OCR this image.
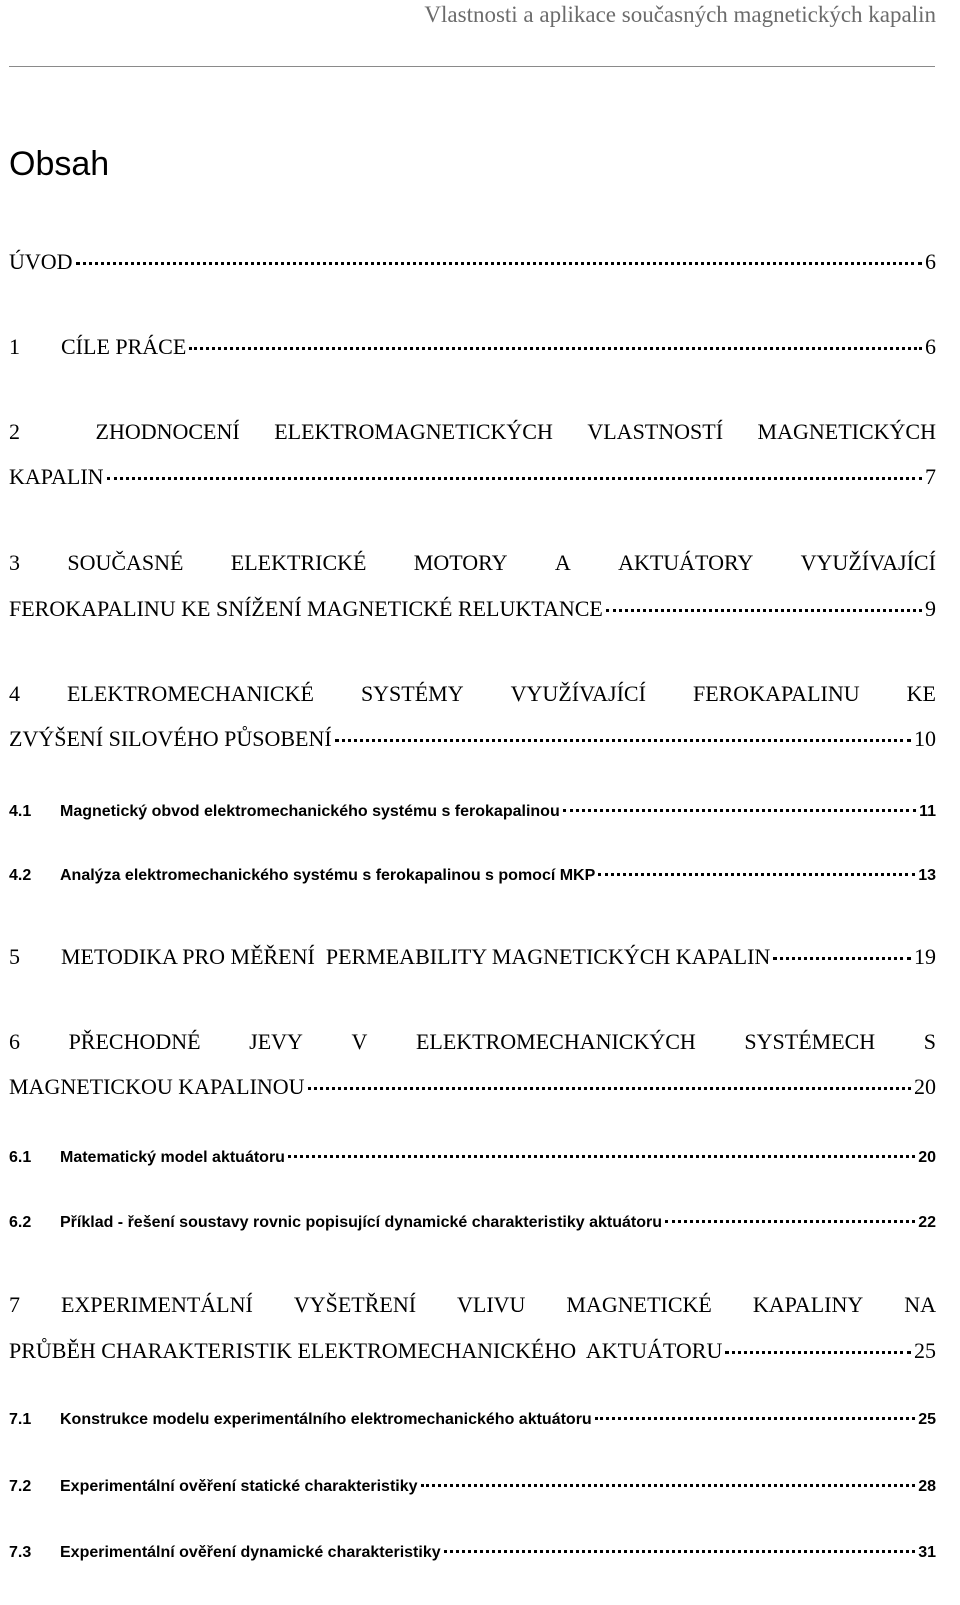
Vlastnosti a aplikace současných magnetických kapalin
Obsah
ÚVOD	6
1	CÍLE PRÁCE	6
2	ZHODNOCENÍ ELEKTROMAGNETICKÝCH VLASTNOSTÍ MAGNETICKÝCH
KAPALIN	7
3 SOUČASNÉ ELEKTRICKÉ MOTORY A AKTUÁTORY VYUŽÍVAJÍCÍ
FEROKAPALINU KE SNÍŽENÍ MAGNETICKÉ RELUKTANCE	9
4 ELEKTROMECHANICKÉ SYSTÉMY VYUŽÍVAJÍCÍ FEROKAPALINU KE
ZVÝŠENÍ SILOVÉHO PŮSOBENÍ	10
4.1	Magnetický obvod elektromechanického systému s ferokapalinou	11
4.2	Analýza elektromechanického systému s ferokapalinou s pomocí MKP	13
5	METODIKA PRO MĚŘENÍ  PERMEABILITY MAGNETICKÝCH KAPALIN	19
6 PŘECHODNÉ JEVY V ELEKTROMECHANICKÝCH SYSTÉMECH S
MAGNETICKOU KAPALINOU	20
6.1	Matematický model aktuátoru	20
6.2	Příklad - řešení soustavy rovnic popisující dynamické charakteristiky aktuátoru	22
7 EXPERIMENTÁLNÍ VYŠETŘENÍ VLIVU MAGNETICKÉ KAPALINY NA
PRŮBĚH CHARAKTERISTIK ELEKTROMECHANICKÉHO  AKTUÁTORU	25
7.1	Konstrukce modelu experimentálního elektromechanického aktuátoru	25
7.2	Experimentální ověření statické charakteristiky	28
7.3	Experimentální ověření dynamické charakteristiky	31
